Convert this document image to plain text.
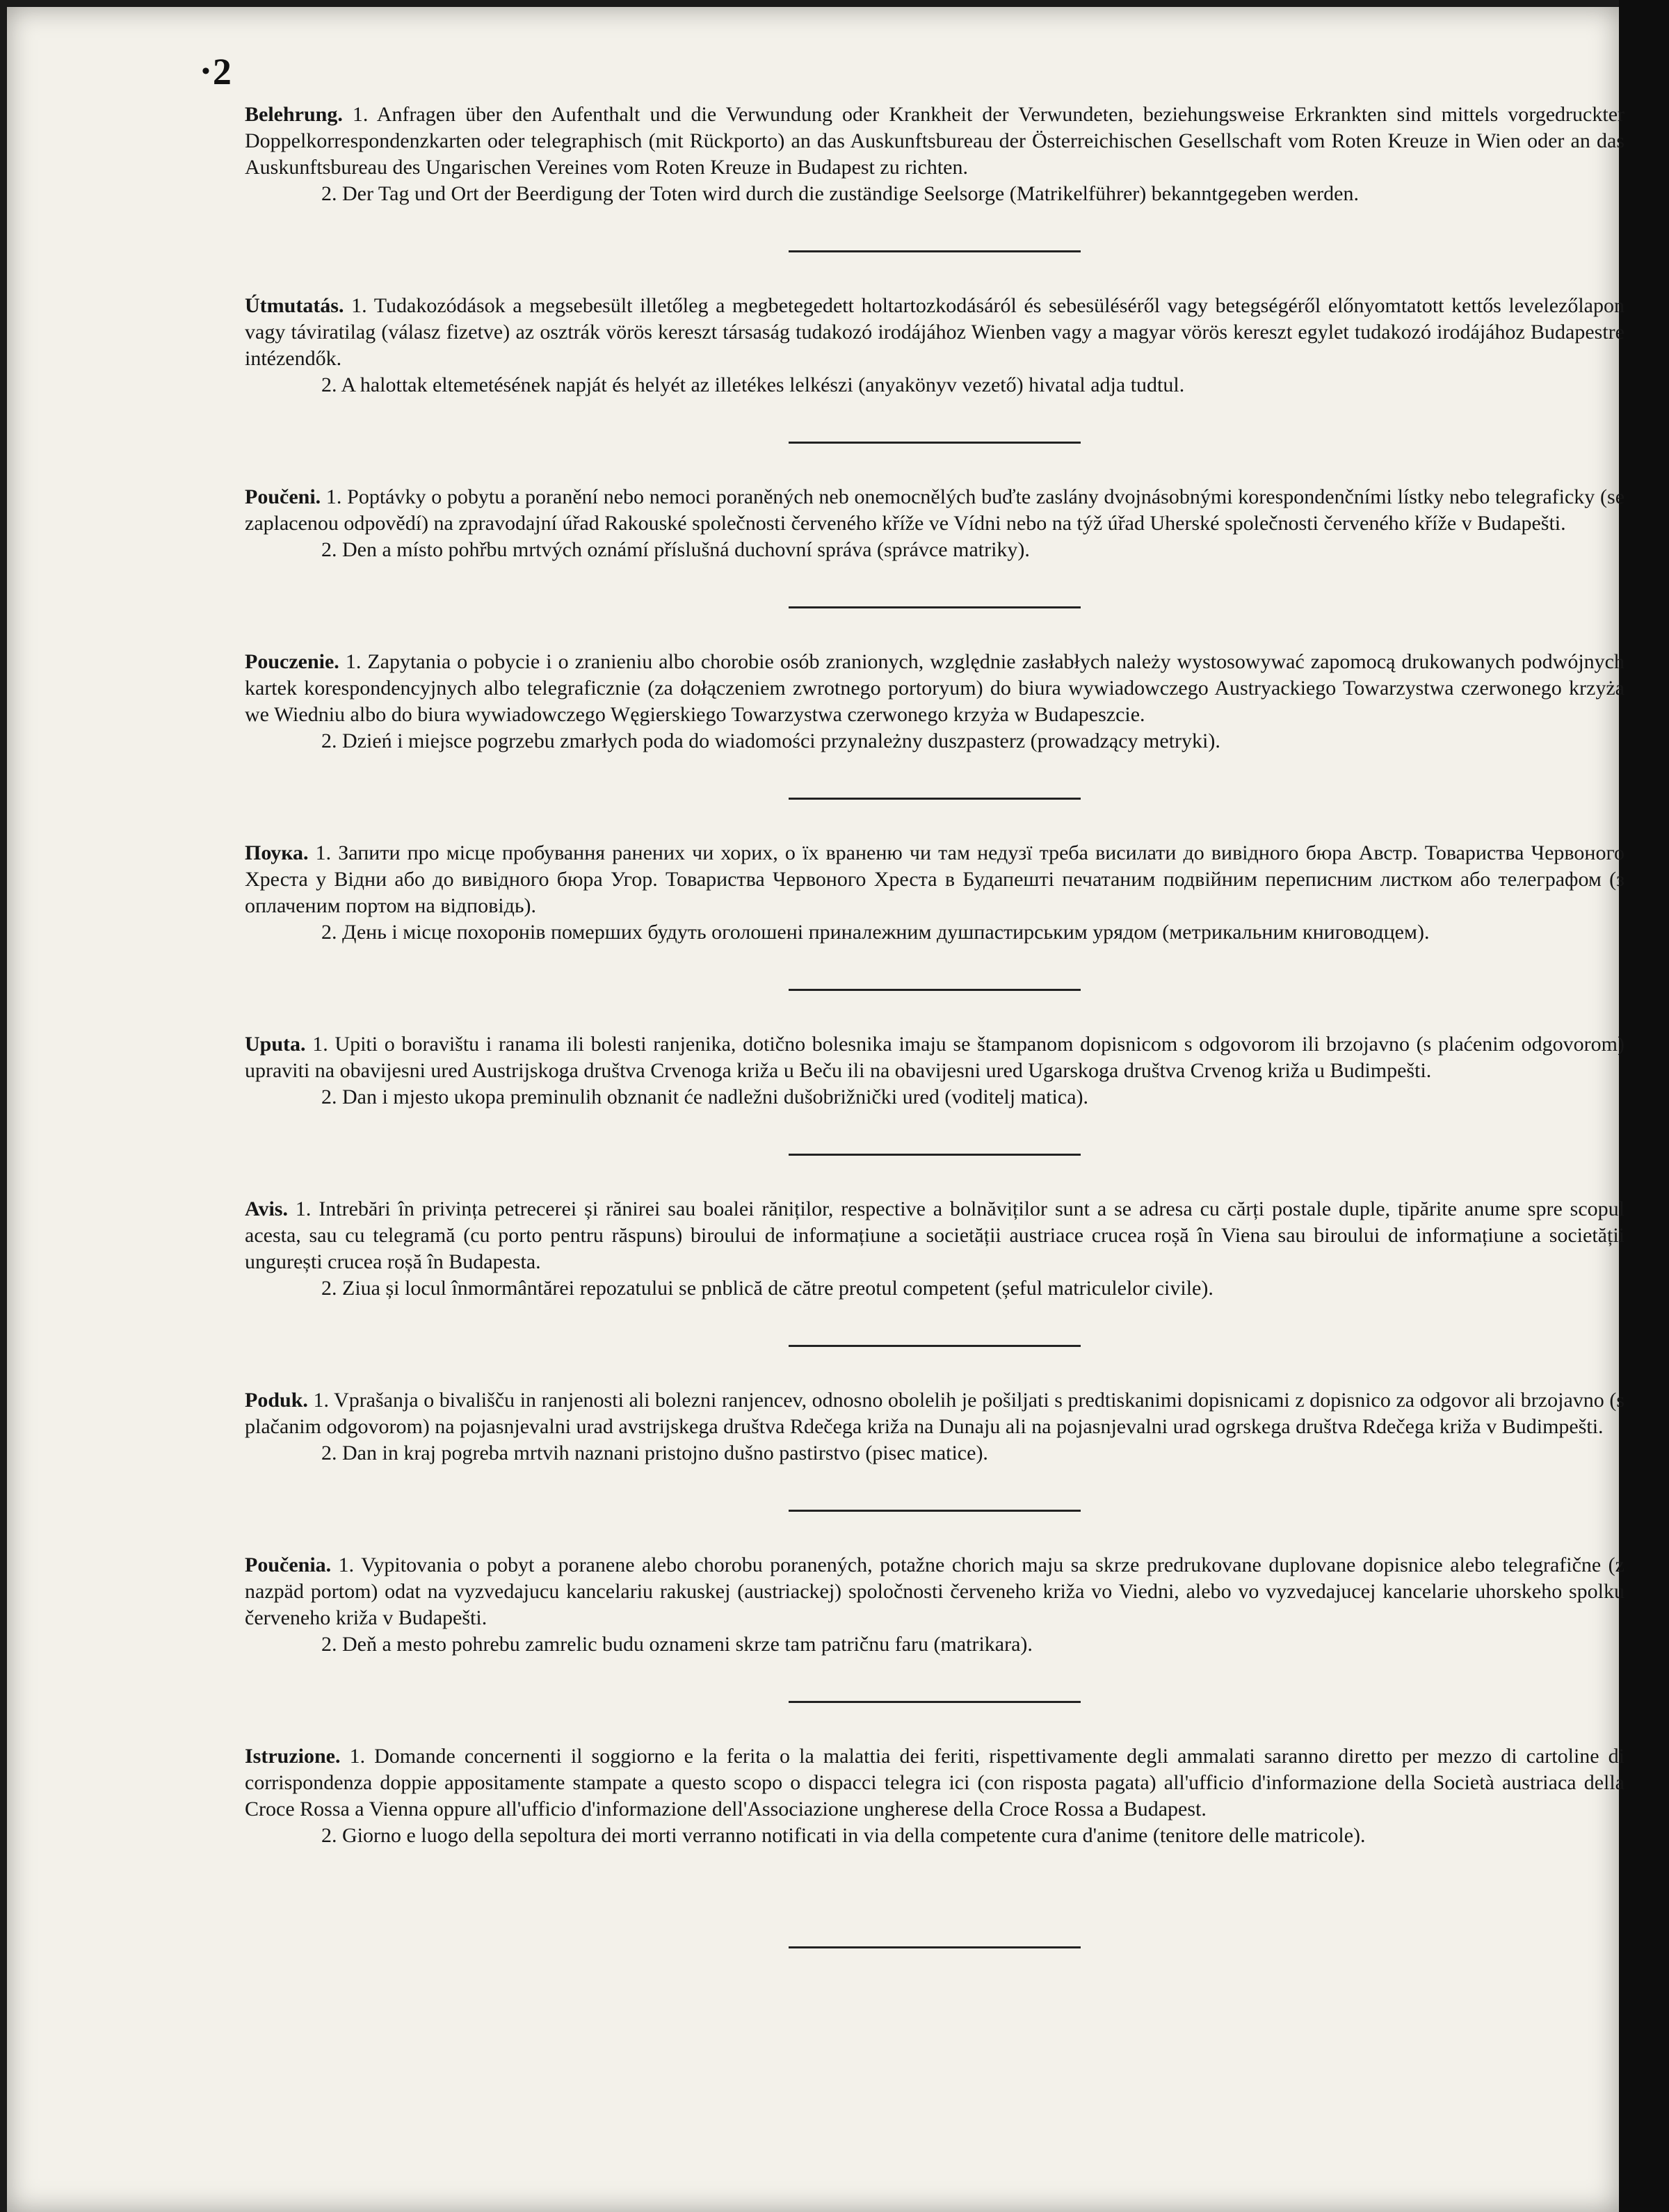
• 2

Belehrung. 1. Anfragen über den Aufenthalt und die Verwundung oder Krankheit der Verwundeten, beziehungsweise Erkrankten sind mittels vorgedruckter Doppelkorrespondenzkarten oder telegraphisch (mit Rückporto) an das Auskunftsbureau der Österreichischen Gesellschaft vom Roten Kreuze in Wien oder an das Auskunftsbureau des Ungarischen Vereines vom Roten Kreuze in Budapest zu richten.

2. Der Tag und Ort der Beerdigung der Toten wird durch die zuständige Seelsorge (Matrikelführer) bekanntgegeben werden.

Útmutatás. 1. Tudakozódások a megsebesült illetőleg a megbetegedett holtartozkodásáról és sebesüléséről vagy betegségéről előnyomtatott kettős levelezőlapon vagy táviratilag (válasz fizetve) az osztrák vörös kereszt társaság tudakozó irodájához Wienben vagy a magyar vörös kereszt egylet tudakozó irodájához Budapestre intézendők.

2. A halottak eltemetésének napját és helyét az illetékes lelkészi (anyakönyv vezető) hivatal adja tudtul.

Poučeni. 1. Poptávky o pobytu a poranění nebo nemoci poraněných neb onemocnělých buďte zaslány dvojnásobnými korespondenčními lístky nebo telegraficky (se zaplacenou odpovědí) na zpravodajní úřad Rakouské společnosti červeného kříže ve Vídni nebo na týž úřad Uherské společnosti červeného kříže v Budapešti.

2. Den a místo pohřbu mrtvých oznámí příslušná duchovní správa (správce matriky).

Pouczenie. 1. Zapytania o pobycie i o zranieniu albo chorobie osób zranionych, względnie zasłabłych należy wystosowywać zapomocą drukowanych podwójnych kartek korespondencyjnych albo telegraficznie (za dołączeniem zwrotnego portoryum) do biura wywiadowczego Austryackiego Towarzystwa czerwonego krzyża we Wiedniu albo do biura wywiadowczego Węgierskiego Towarzystwa czerwonego krzyża w Budapeszcie.

2. Dzień i miejsce pogrzebu zmarłych poda do wiadomości przynależny duszpasterz (prowadzący metryki).

Поука. 1. Запити про місце пробування ранених чи хорих, о їх враненю чи там недузї треба висилати до вивідного бюра Австр. Товариства Червоного Хреста у Відни або до вивідного бюра Угор. Товариства Червоного Хреста в Будапешті печатаним подвійним переписним листком або телеграфом (з оплаченим портом на відповідь).

2. День і місце похоронів померших будуть оголошені приналежним душпастирським урядом (метрикальним книговодцем).

Uputa. 1. Upiti o boravištu i ranama ili bolesti ranjenika, dotično bolesnika imaju se štampanom dopisnicom s odgovorom ili brzojavno (s plaćenim odgovorom) upraviti na obavijesni ured Austrijskoga društva Crvenoga križa u Beču ili na obavijesni ured Ugarskoga društva Crvenog križa u Budimpešti.

2. Dan i mjesto ukopa preminulih obznanit će nadležni dušobrižnički ured (voditelj matica).

Avis. 1. Intrebări în privința petrecerei și rănirei sau boalei răniților, respective a bolnăviților sunt a se adresa cu cărți postale duple, tipărite anume spre scopul acesta, sau cu telegramă (cu porto pentru răspuns) biroului de informațiune a societății austriace crucea roșă în Viena sau biroului de informațiune a societății ungurești crucea roșă în Budapesta.

2. Ziua și locul înmormântărei repozatului se pnblică de către preotul competent (șeful matriculelor civile).

Poduk. 1. Vprašanja o bivališču in ranjenosti ali bolezni ranjencev, odnosno obolelih je pošiljati s predtiskanimi dopisnicami z dopisnico za odgovor ali brzojavno (s plačanim odgovorom) na pojasnjevalni urad avstrijskega društva Rdečega križa na Dunaju ali na pojasnjevalni urad ogrskega društva Rdečega križa v Budimpešti.

2. Dan in kraj pogreba mrtvih naznani pristojno dušno pastirstvo (pisec matice).

Poučenia. 1. Vypitovania o pobyt a poranene alebo chorobu poranených, potažne chorich maju sa skrze predrukovane duplovane dopisnice alebo telegrafične (z nazpäd portom) odat na vyzvedajucu kancelariu rakuskej (austriackej) spoločnosti červeneho križa vo Viedni, alebo vo vyzvedajucej kancelarie uhorskeho spolku červeneho križa v Budapešti.

2. Deň a mesto pohrebu zamrelic budu oznameni skrze tam patričnu faru (matrikara).

Istruzione. 1. Domande concernenti il soggiorno e la ferita o la malattia dei feriti, rispettivamente degli ammalati saranno diretto per mezzo di cartoline di corrispondenza doppie appositamente stampate a questo scopo o dispacci telegra ici (con risposta pagata) all'ufficio d'informazione della Società austriaca della Croce Rossa a Vienna oppure all'ufficio d'informazione dell'Associazione ungherese della Croce Rossa a Budapest.

2. Giorno e luogo della sepoltura dei morti verranno notificati in via della competente cura d'anime (tenitore delle matricole).
